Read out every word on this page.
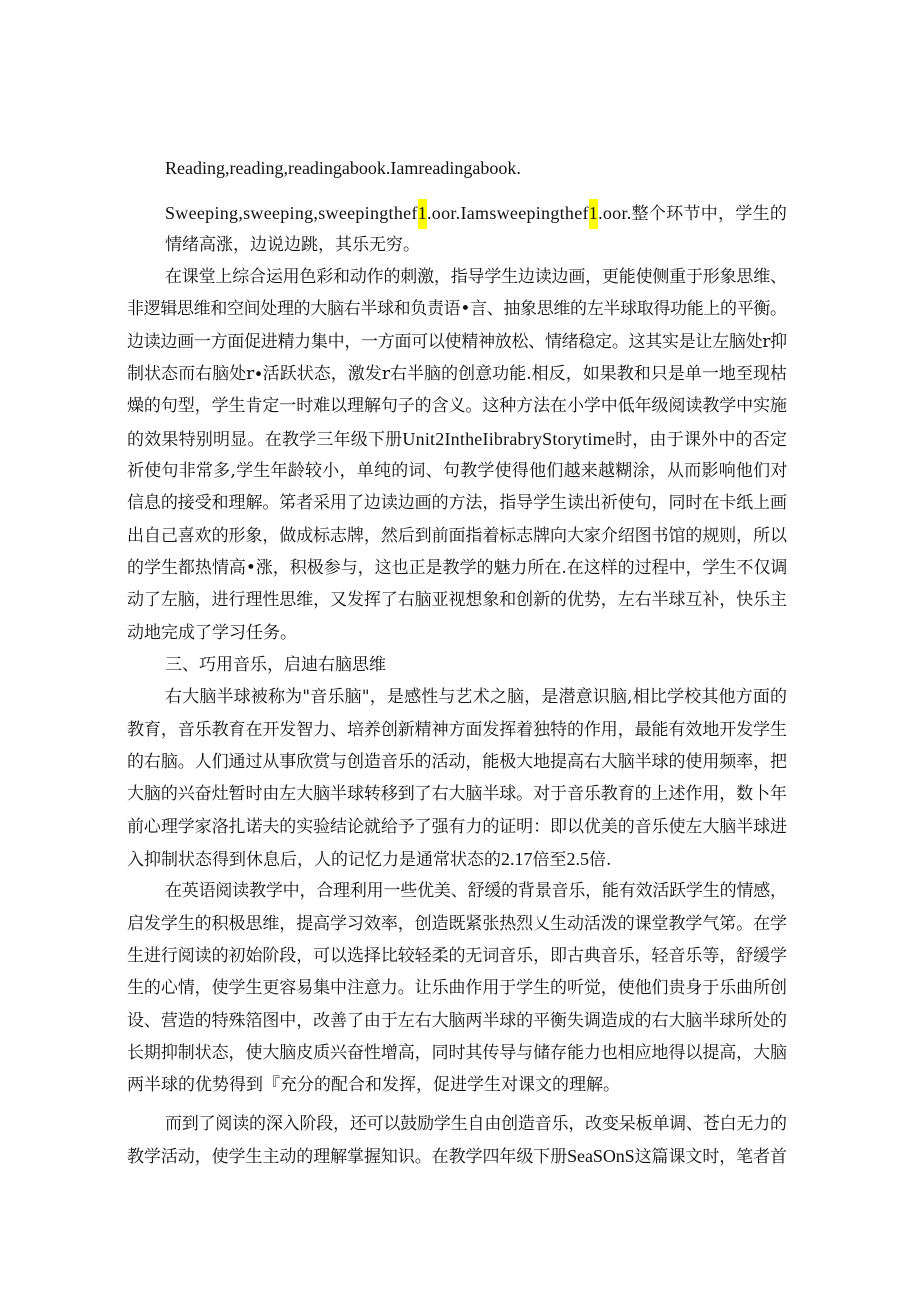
Reading,reading,readingabook.Iamreadingabook.
Sweeping,sweeping,sweepingthef1.oor.Iamsweepingthef1.oor.整个环节中，学生的
情绪高涨，边说边跳，其乐无穷。
在课堂上综合运用色彩和动作的刺激，指导学生边读边画，更能使侧重于形象思维、
非逻辑思维和空间处理的大脑右半球和负责语•言、抽象思维的左半球取得功能上的平衡。
边读边画一方面促进精力集中，一方面可以使精神放松、情绪稳定。这其实是让左脑处r抑
制状态而右脑处r∙活跃状态，激发r右半脑的创意功能.相反，如果教和只是单一地至现枯
燥的句型，学生肯定一时难以理解句子的含义。这种方法在小学中低年级阅读教学中实施
的效果特别明显。在教学三年级下册Unit2IntheIibrabryStorytime时，由于课外中的否定
祈使句非常多,学生年龄较小，单纯的词、句教学使得他们越来越糊涂，从而影响他们对
信息的接受和理解。笫者采用了边读边画的方法，指导学生读出祈使句，同时在卡纸上画
出自己喜欢的形象，做成标志牌，然后到前面指着标志牌向大家介绍图书馆的规则，所以
的学生都热情高•涨，积极参与，这也正是教学的魅力所在.在这样的过程中，学生不仅调
动了左脑，进行理性思维，又发挥了右脑亚视想象和创新的优势，左右半球互补，快乐主
动地完成了学习任务。
三、巧用音乐，启迪右脑思维
右大脑半球被称为"音乐脑"，是感性与艺术之脑，是潜意识脑,相比学校其他方面的
教育，音乐教育在开发智力、培养创新精神方面发挥着独特的作用，最能有效地开发学生
的右脑。人们通过从事欣赏与创造音乐的活动，能极大地提高右大脑半球的使用频率，把
大脑的兴奋灶暂时由左大脑半球转移到了右大脑半球。对于音乐教育的上述作用，数卜年
前心理学家洛扎诺夫的实验结论就给予了强有力的证明：即以优美的音乐使左大脑半球进
入抑制状态得到休息后，人的记忆力是通常状态的2.17倍至2.5倍.
在英语阅读教学中，合理利用一些优美、舒缓的背景音乐，能有效活跃学生的情感，
启发学生的积极思维，提高学习效率，创造既紧张热烈乂生动活泼的课堂教学气笫。在学
生进行阅读的初始阶段，可以选择比较轻柔的无词音乐，即古典音乐，轻音乐等，舒缓学
生的心情，使学生更容易集中注意力。让乐曲作用于学生的听觉，使他们贵身于乐曲所创
设、营造的特殊箔图中，改善了由于左右大脑两半球的平衡失调造成的右大脑半球所处的
长期抑制状态，使大脑皮质兴奋性增高，同时其传导与储存能力也相应地得以提高，大脑
两半球的优势得到『充分的配合和发挥，促进学生对课文的理解。
而到了阅读的深入阶段，还可以鼓励学生自由创造音乐，改变呆板单调、苍白无力的
教学活动，使学生主动的理解掌握知识。在教学四年级下册SeaSOnS这篇课文时，笔者首
